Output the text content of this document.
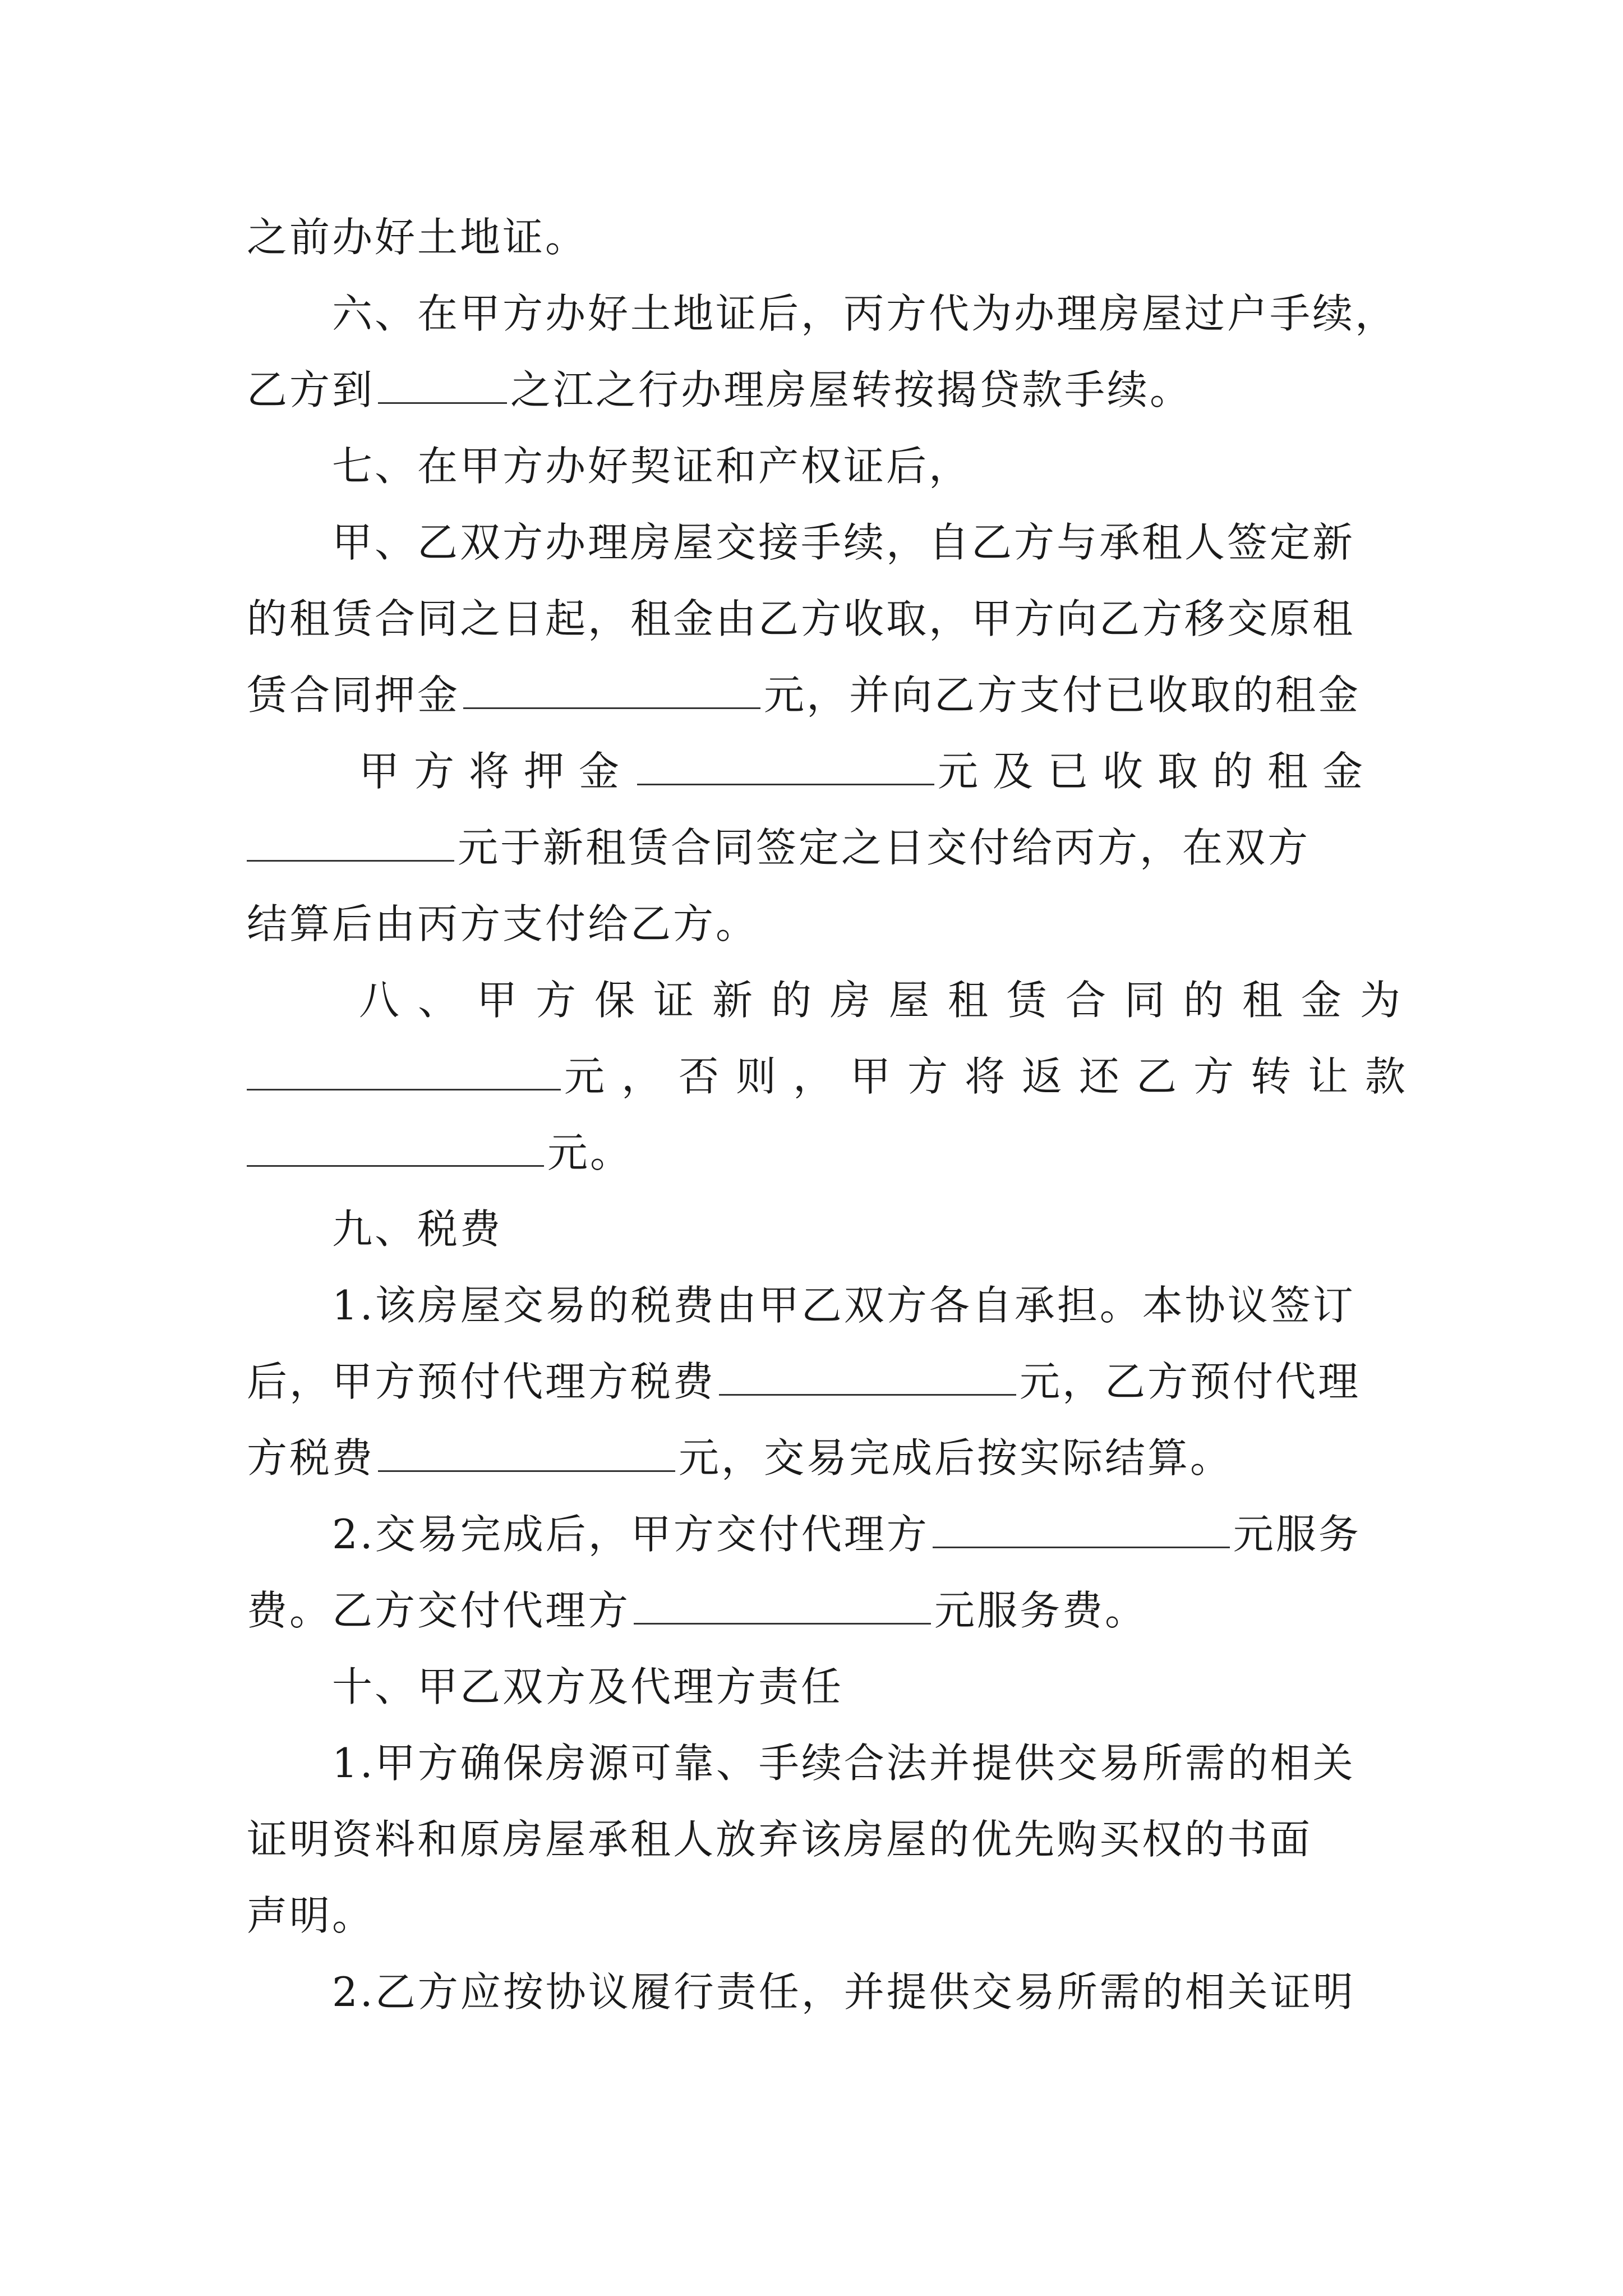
之前办好土地证。
六、在甲方办好土地证后，丙方代为办理房屋过户手续，
乙方到	之江之行办理房屋转按揭贷款手续。
七、在甲方办好契证和产权证后，
甲、乙双方办理房屋交接手续，自乙方与承租人签定新
的租赁合同之日起，租金由乙方收取，甲方向乙方移交原租
赁合同押金	元，并向乙方支付已收取的租金
甲方将押金	元及已收取的租金
元于新租赁合同签定之日交付给丙方，在双方
结算后由丙方支付给乙方。
八、甲方保证新的房屋租赁合同的租金为
元，否则，甲方将返还乙方转让款
元。
九、税费
1.该房屋交易的税费由甲乙双方各自承担。本协议签订
后，甲方预付代理方税费	元，乙方预付代理
方税费	元，交易完成后按实际结算。
2.交易完成后，甲方交付代理方	元服务
费。乙方交付代理方	元服务费。
十、甲乙双方及代理方责任
1.甲方确保房源可靠、手续合法并提供交易所需的相关
证明资料和原房屋承租人放弃该房屋的优先购买权的书面
声明。
2.乙方应按协议履行责任，并提供交易所需的相关证明
